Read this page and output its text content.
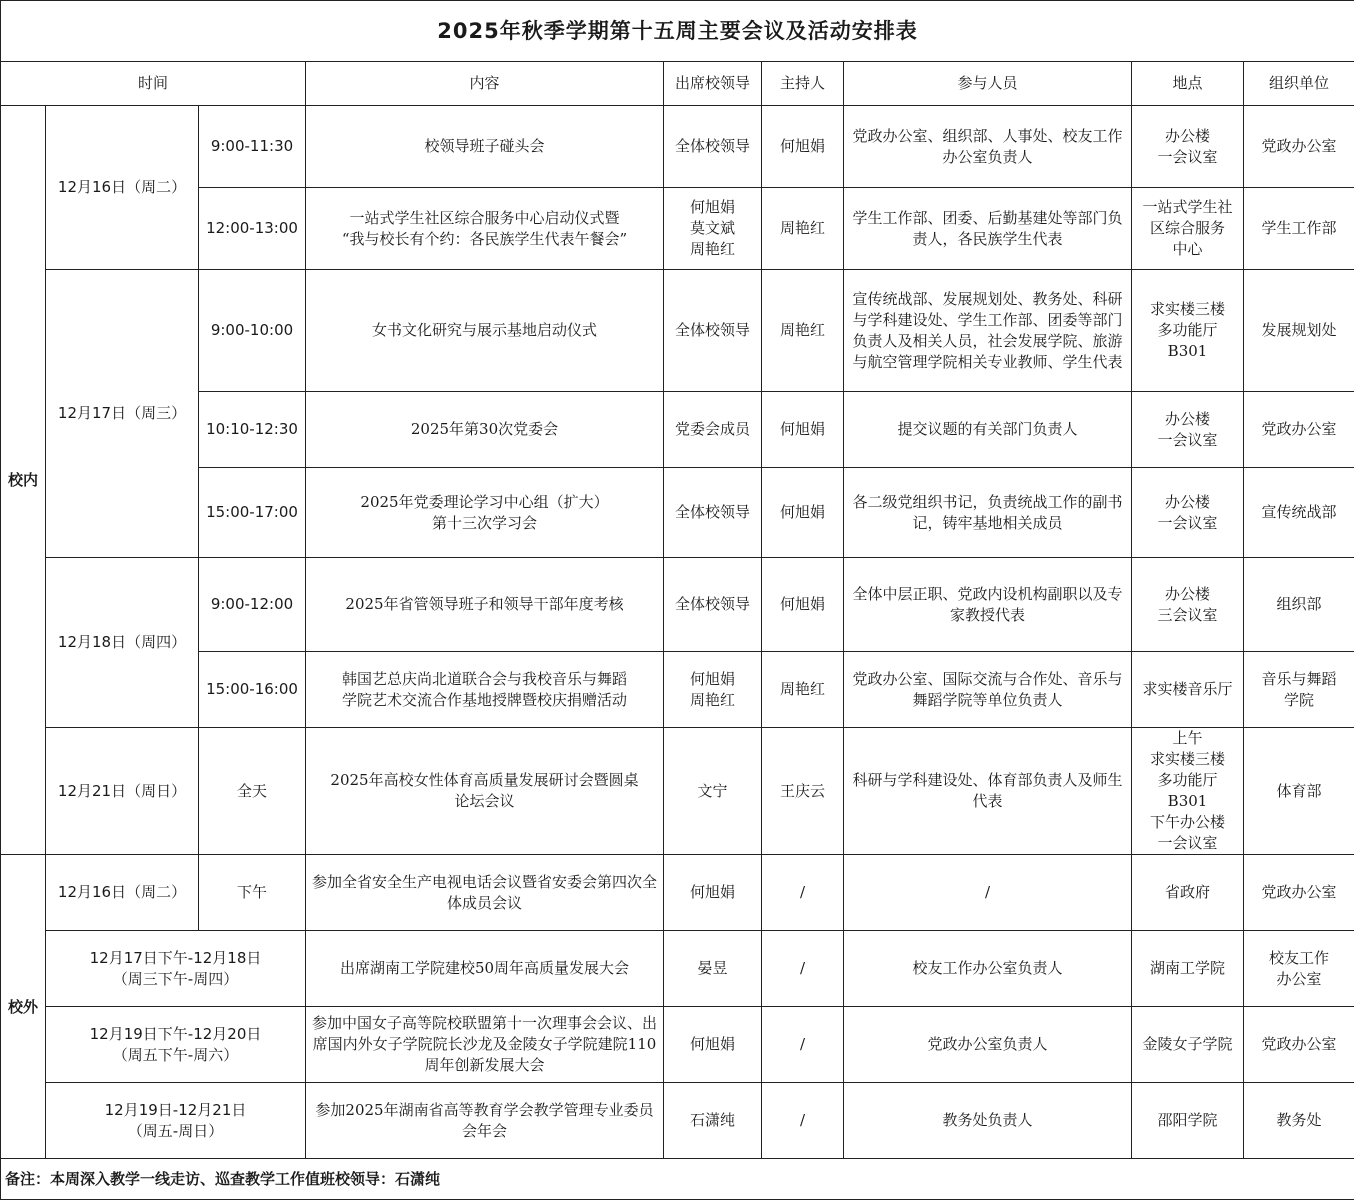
2025年秋季学期第十五周主要会议及活动安排表								
时间			内容	出席校领导	主持人	参与人员	地点	组织单位
校内	12月16日（周二）	9:00-11:30	校领导班子碰头会	全体校领导	何旭娟	党政办公室、组织部、人事处、校友工作办公室负责人	办公楼
一会议室	党政办公室
		12:00-13:00	一站式学生社区综合服务中心启动仪式暨
“我与校长有个约：各民族学生代表午餐会”	何旭娟
莫文斌
周艳红	周艳红	学生工作部、团委、后勤基建处等部门负责人，各民族学生代表	一站式学生社
区综合服务
中心	学生工作部
	12月17日（周三）	9:00-10:00	女书文化研究与展示基地启动仪式	全体校领导	周艳红	宣传统战部、发展规划处、教务处、科研与学科建设处、学生工作部、团委等部门负责人及相关人员，社会发展学院、旅游与航空管理学院相关专业教师、学生代表	求实楼三楼
多功能厅B301	发展规划处
		10:10-12:30	2025年第30次党委会	党委会成员	何旭娟	提交议题的有关部门负责人	办公楼
一会议室	党政办公室
		15:00-17:00	2025年党委理论学习中心组（扩大）
第十三次学习会	全体校领导	何旭娟	各二级党组织书记，负责统战工作的副书记，铸牢基地相关成员	办公楼
一会议室	宣传统战部
	12月18日（周四）	9:00-12:00	2025年省管领导班子和领导干部年度考核	全体校领导	何旭娟	全体中层正职、党政内设机构副职以及专家教授代表	办公楼
三会议室	组织部
		15:00-16:00	韩国艺总庆尚北道联合会与我校音乐与舞蹈
学院艺术交流合作基地授牌暨校庆捐赠活动	何旭娟
周艳红	周艳红	党政办公室、国际交流与合作处、音乐与舞蹈学院等单位负责人	求实楼音乐厅	音乐与舞蹈
学院
	12月21日（周日）	全天	2025年高校女性体育高质量发展研讨会暨圆桌
论坛会议	文宁	王庆云	科研与学科建设处、体育部负责人及师生代表	上午
求实楼三楼
多功能厅B301
下午办公楼
一会议室	体育部
校外	12月16日（周二）	下午	参加全省安全生产电视电话会议暨省安委会第四次全体成员会议	何旭娟	/	/	省政府	党政办公室
	12月17日下午-12月18日
（周三下午-周四）		出席湖南工学院建校50周年高质量发展大会	晏昱	/	校友工作办公室负责人	湖南工学院	校友工作
办公室
	12月19日下午-12月20日
（周五下午-周六）		参加中国女子高等院校联盟第十一次理事会会议、出席国内外女子学院院长沙龙及金陵女子学院建院110 周年创新发展大会	何旭娟	/	党政办公室负责人	金陵女子学院	党政办公室
	12月19日-12月21日
（周五-周日）		参加2025年湖南省高等教育学会教学管理专业委员会年会	石潇纯	/	教务处负责人	邵阳学院	教务处
备注：本周深入教学一线走访、巡查教学工作值班校领导：石潇纯								
